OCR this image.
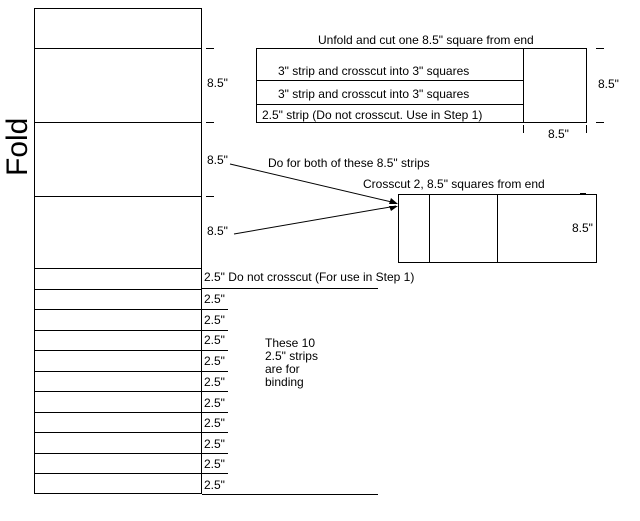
Fold
8.5"
8.5"
8.5"
Unfold and cut one 8.5" square from end
3" strip and crosscut into 3" squares
3" strip and crosscut into 3" squares
2.5" strip (Do not crosscut. Use in Step 1)
8.5"
8.5"
Do for both of these 8.5" strips
Crosscut 2, 8.5" squares from end
8.5"
2.5" Do not crosscut (For use in Step 1)
2.5"
2.5"
2.5"
2.5"
2.5"
2.5"
2.5"
2.5"
2.5"
2.5"
These 10
2.5" strips
are for
binding
